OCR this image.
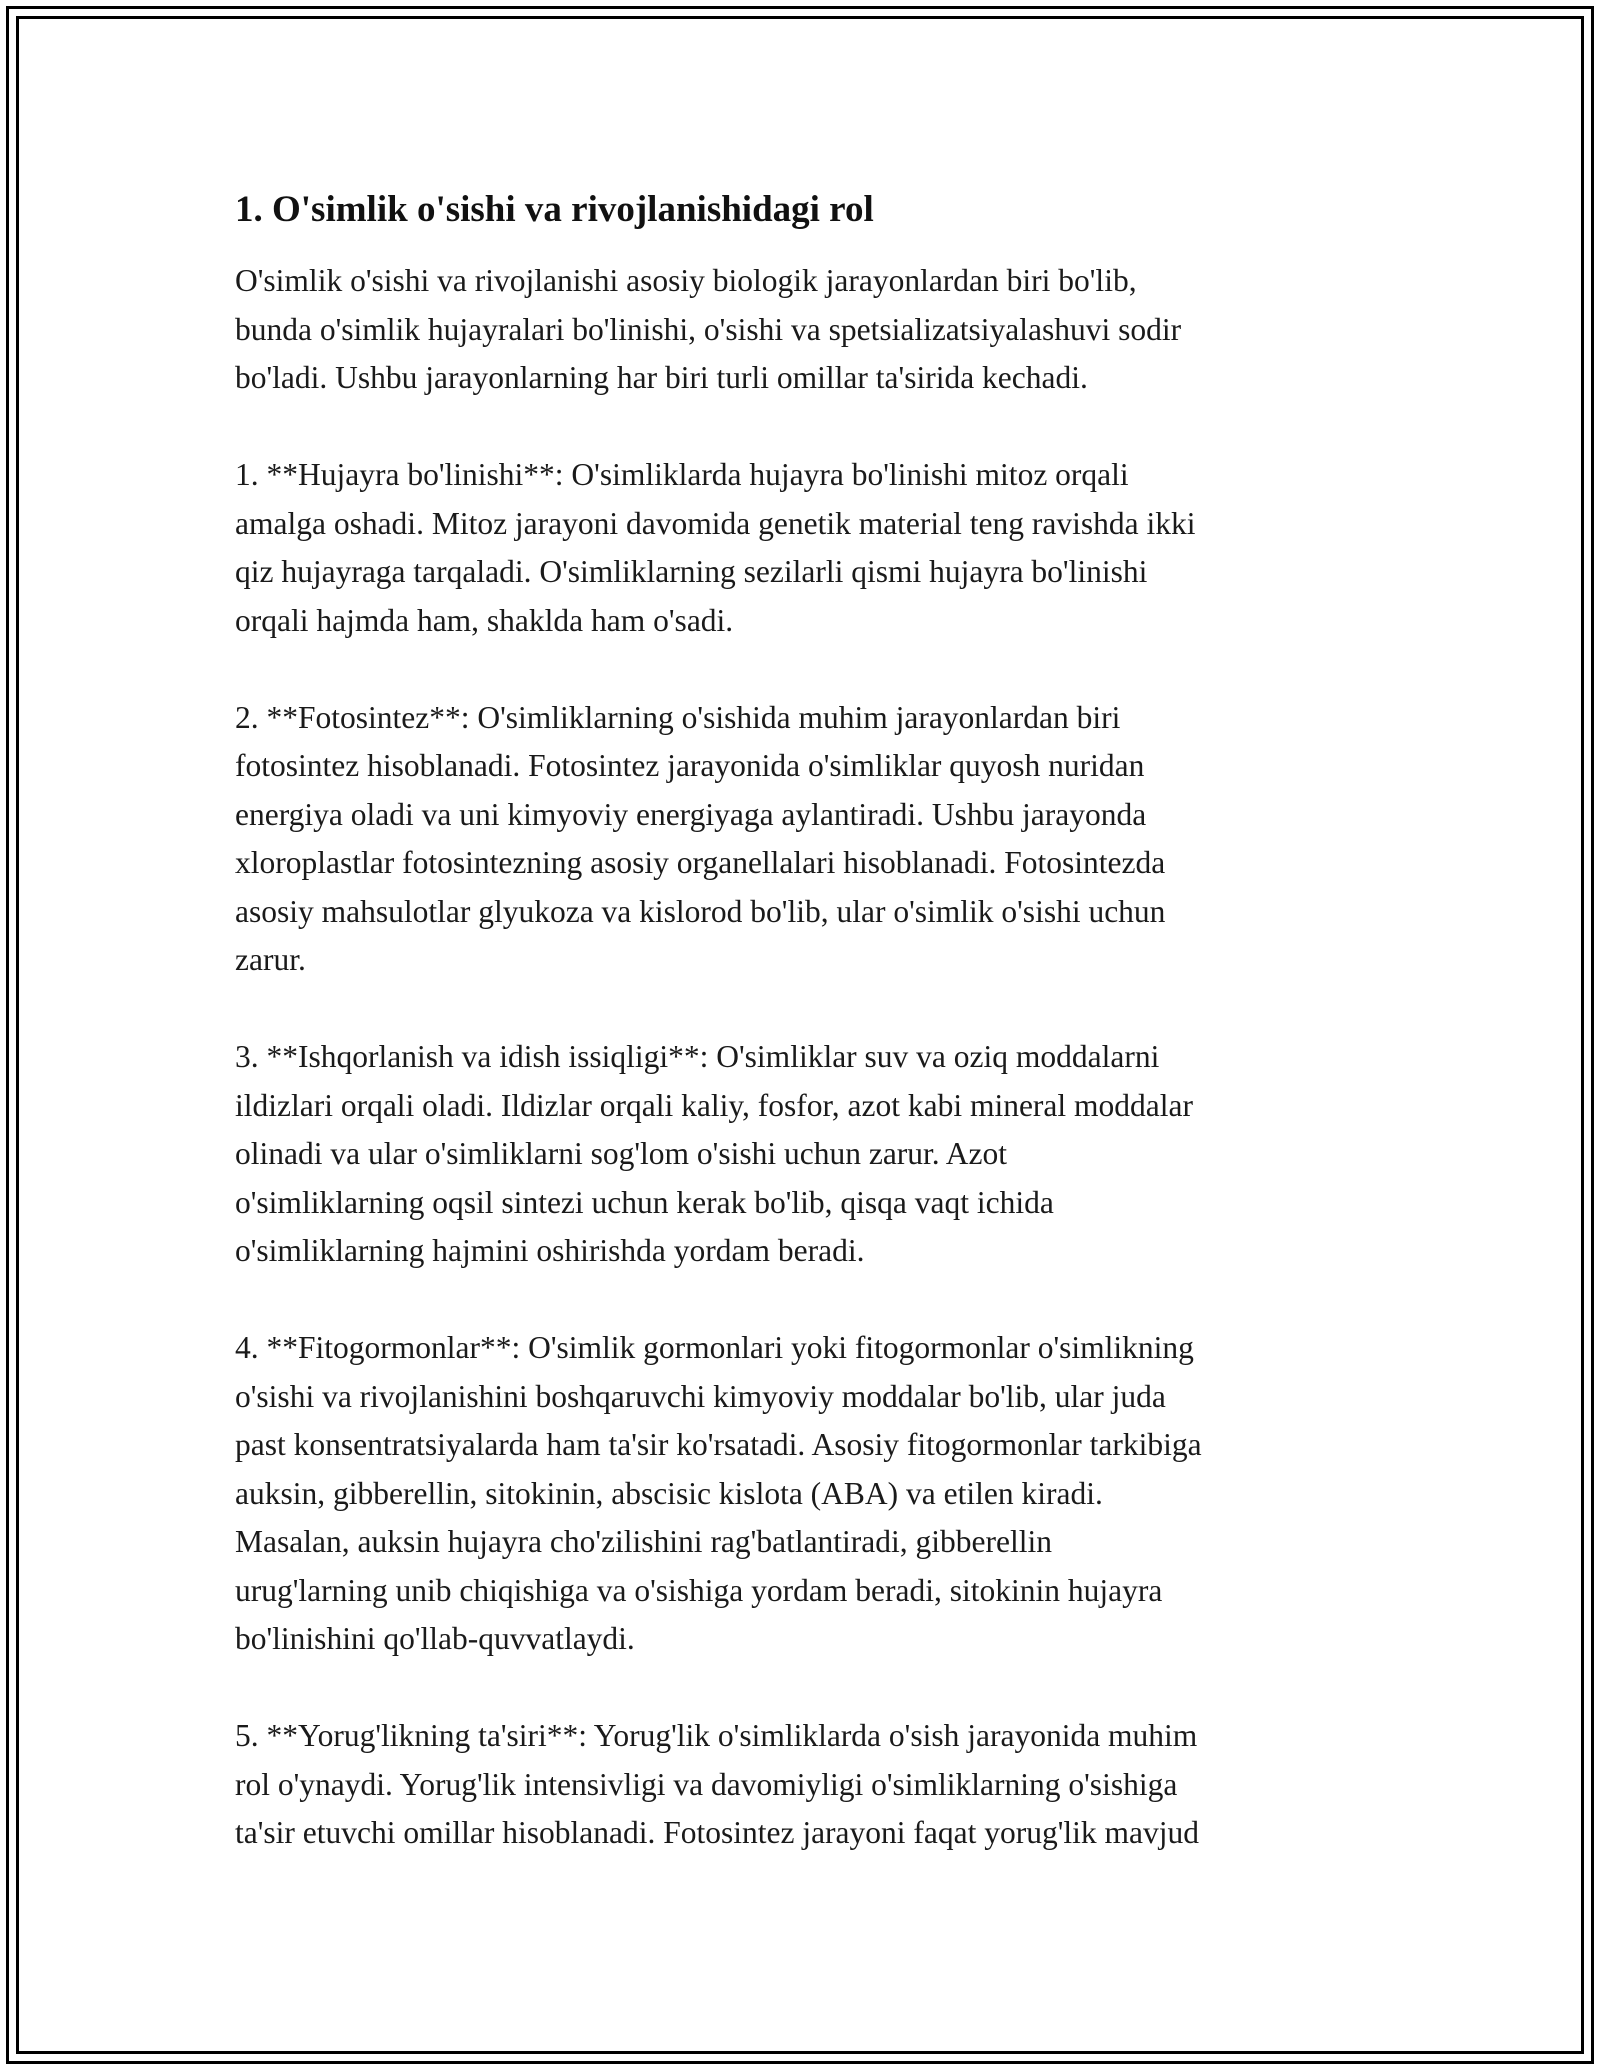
1. O'simlik o'sishi va rivojlanishidagi rol
O'simlik o'sishi va rivojlanishi asosiy biologik jarayonlardan biri bo'lib,
bunda o'simlik hujayralari bo'linishi, o'sishi va spetsializatsiyalashuvi sodir
bo'ladi. Ushbu jarayonlarning har biri turli omillar ta'sirida kechadi.
1. **Hujayra bo'linishi**: O'simliklarda hujayra bo'linishi mitoz orqali
amalga oshadi. Mitoz jarayoni davomida genetik material teng ravishda ikki
qiz hujayraga tarqaladi. O'simliklarning sezilarli qismi hujayra bo'linishi
orqali hajmda ham, shaklda ham o'sadi.
2. **Fotosintez**: O'simliklarning o'sishida muhim jarayonlardan biri
fotosintez hisoblanadi. Fotosintez jarayonida o'simliklar quyosh nuridan
energiya oladi va uni kimyoviy energiyaga aylantiradi. Ushbu jarayonda
xloroplastlar fotosintezning asosiy organellalari hisoblanadi. Fotosintezda
asosiy mahsulotlar glyukoza va kislorod bo'lib, ular o'simlik o'sishi uchun
zarur.
3. **Ishqorlanish va idish issiqligi**: O'simliklar suv va oziq moddalarni
ildizlari orqali oladi. Ildizlar orqali kaliy, fosfor, azot kabi mineral moddalar
olinadi va ular o'simliklarni sog'lom o'sishi uchun zarur. Azot
o'simliklarning oqsil sintezi uchun kerak bo'lib, qisqa vaqt ichida
o'simliklarning hajmini oshirishda yordam beradi.
4. **Fitogormonlar**: O'simlik gormonlari yoki fitogormonlar o'simlikning
o'sishi va rivojlanishini boshqaruvchi kimyoviy moddalar bo'lib, ular juda
past konsentratsiyalarda ham ta'sir ko'rsatadi. Asosiy fitogormonlar tarkibiga
auksin, gibberellin, sitokinin, abscisic kislota (ABA) va etilen kiradi.
Masalan, auksin hujayra cho'zilishini rag'batlantiradi, gibberellin
urug'larning unib chiqishiga va o'sishiga yordam beradi, sitokinin hujayra
bo'linishini qo'llab-quvvatlaydi.
5. **Yorug'likning ta'siri**: Yorug'lik o'simliklarda o'sish jarayonida muhim
rol o'ynaydi. Yorug'lik intensivligi va davomiyligi o'simliklarning o'sishiga
ta'sir etuvchi omillar hisoblanadi. Fotosintez jarayoni faqat yorug'lik mavjud
